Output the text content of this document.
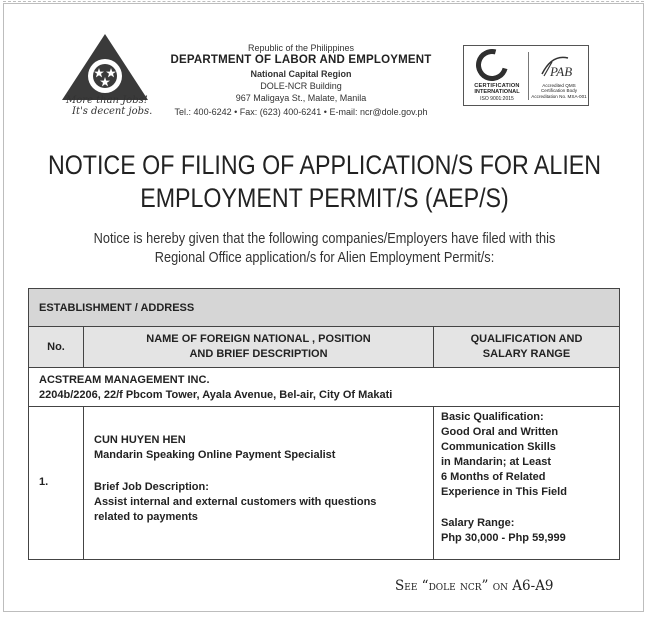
More than Jobs!
It's decent jobs.
Republic of the Philippines
DEPARTMENT OF LABOR AND EMPLOYMENT
National Capital Region
DOLE-NCR Building
967 Maligaya St., Malate, Manila
Tel.: 400-6242 • Fax: (623) 400-6241 • E-mail: ncr@dole.gov.ph
CERTIFICATION
INTERNATIONAL
ISO 9001:2015
PAB
Accredited QMS Certification Body Accreditation No. MSA-001
NOTICE OF FILING OF APPLICATION/S FOR ALIEN
EMPLOYMENT PERMIT/S (AEP/S)
Notice is hereby given that the following companies/Employers have filed with this
Regional Office application/s for Alien Employment Permit/s:
ESTABLISHMENT / ADDRESS
No.
NAME OF FOREIGN NATIONAL , POSITION
AND BRIEF DESCRIPTION
QUALIFICATION AND
SALARY RANGE
ACSTREAM MANAGEMENT INC.
2204b/2206, 22/f Pbcom Tower, Ayala Avenue, Bel-air, City Of Makati
1.
CUN HUYEN HEN
Mandarin Speaking Online Payment Specialist
Brief Job Description:
Assist internal and external customers with questions
related to payments
Basic Qualification:
Good Oral and Written
Communication Skills
in Mandarin; at Least
6 Months of Related
Experience in This Field
Salary Range:
Php 30,000 - Php 59,999
See “dole ncr” on A6-A9
